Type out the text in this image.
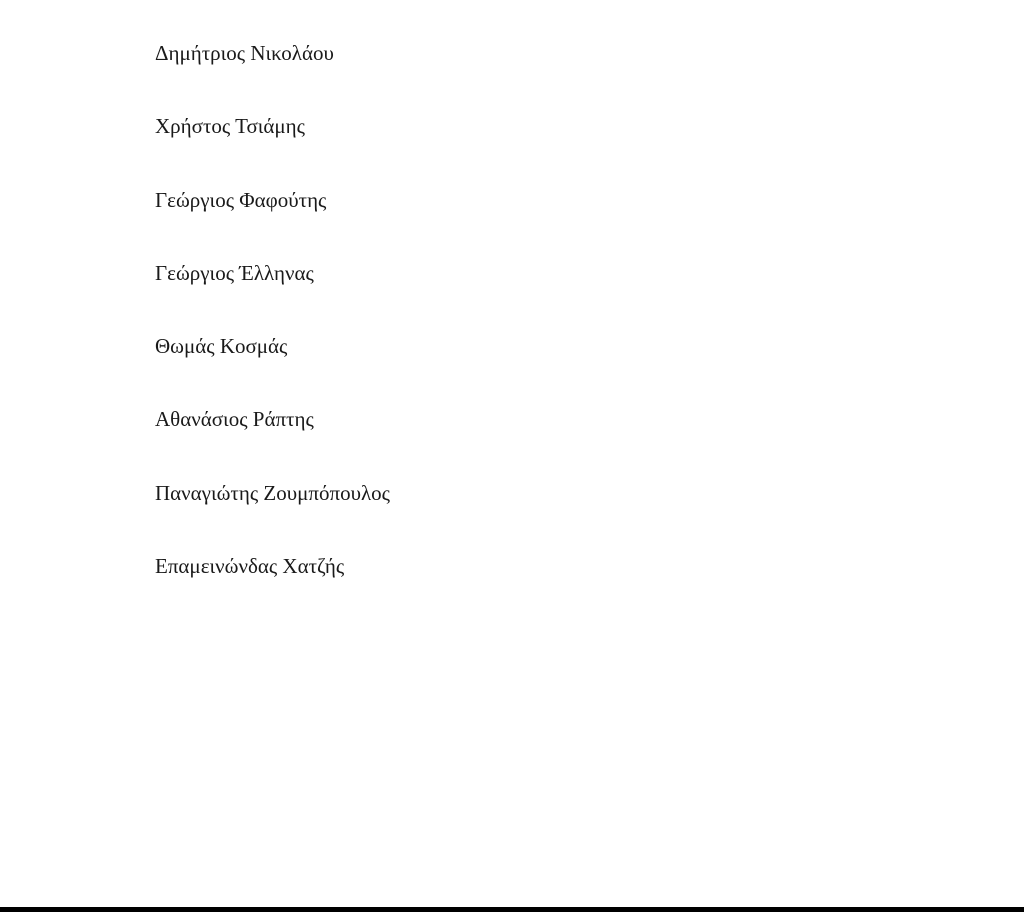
Δημήτριος Νικολάου
Χρήστος Τσιάμης
Γεώργιος Φαφούτης
Γεώργιος Έλληνας
Θωμάς Κοσμάς
Αθανάσιος Ράπτης
Παναγιώτης Ζουμπόπουλος
Επαμεινώνδας Χατζής
